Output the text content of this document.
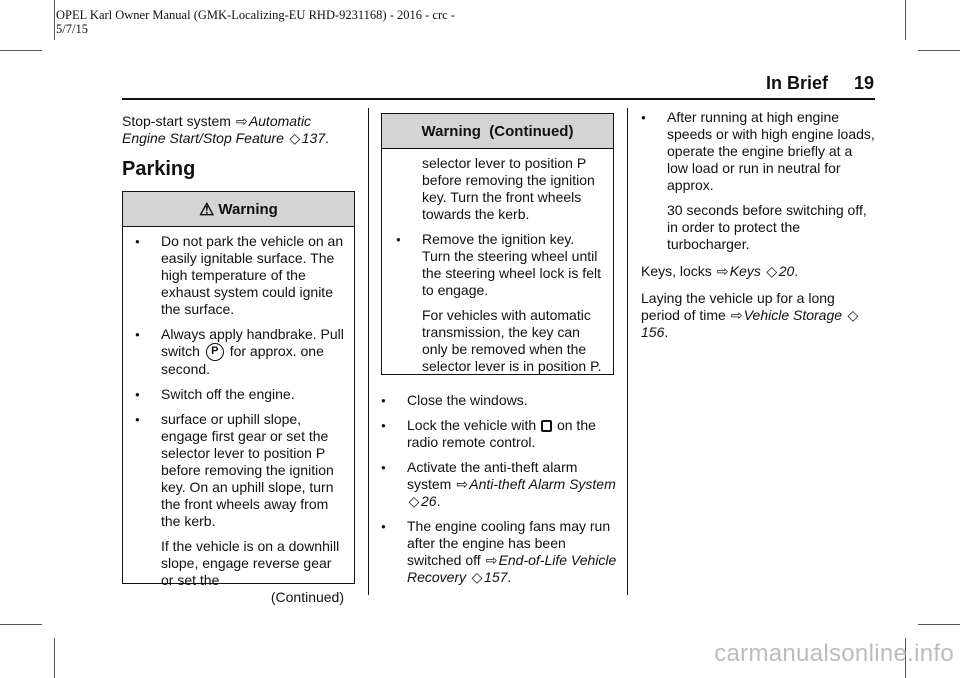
OPEL Karl Owner Manual (GMK-Localizing-EU RHD-9231168) - 2016 - crc -
5/7/15
In Brief 19

Stop-start system ⇨Automatic Engine Start/Stop Feature ◇ 137.

Parking
⚠ Warning
● Do not park the vehicle on an easily ignitable surface. The high temperature of the exhaust system could ignite the surface.
● Always apply handbrake. Pull switch P for approx. one second.
● Switch off the engine.
● surface or uphill slope, engage first gear or set the selector lever to position P before removing the ignition key. On an uphill slope, turn the front wheels away from the kerb.
If the vehicle is on a downhill slope, engage reverse gear or set the
(Continued)
Warning  (Continued)
selector lever to position P before removing the ignition key. Turn the front wheels towards the kerb.
● Remove the ignition key. Turn the steering wheel until the steering wheel lock is felt to engage.
For vehicles with automatic transmission, the key can only be removed when the selector lever is in position P.
● Close the windows.
● Lock the vehicle with on the radio remote control.
● Activate the anti-theft alarm system ⇨Anti-theft Alarm System ◇ 26.
● The engine cooling fans may run after the engine has been switched off ⇨End-of-Life Vehicle Recovery ◇ 157.
● After running at high engine speeds or with high engine loads, operate the engine briefly at a low load or run in neutral for approx.
30 seconds before switching off, in order to protect the turbocharger.

Keys, locks ⇨Keys ◇ 20.

Laying the vehicle up for a long period of time ⇨Vehicle Storage ◇156.

carmanualsonline.info
